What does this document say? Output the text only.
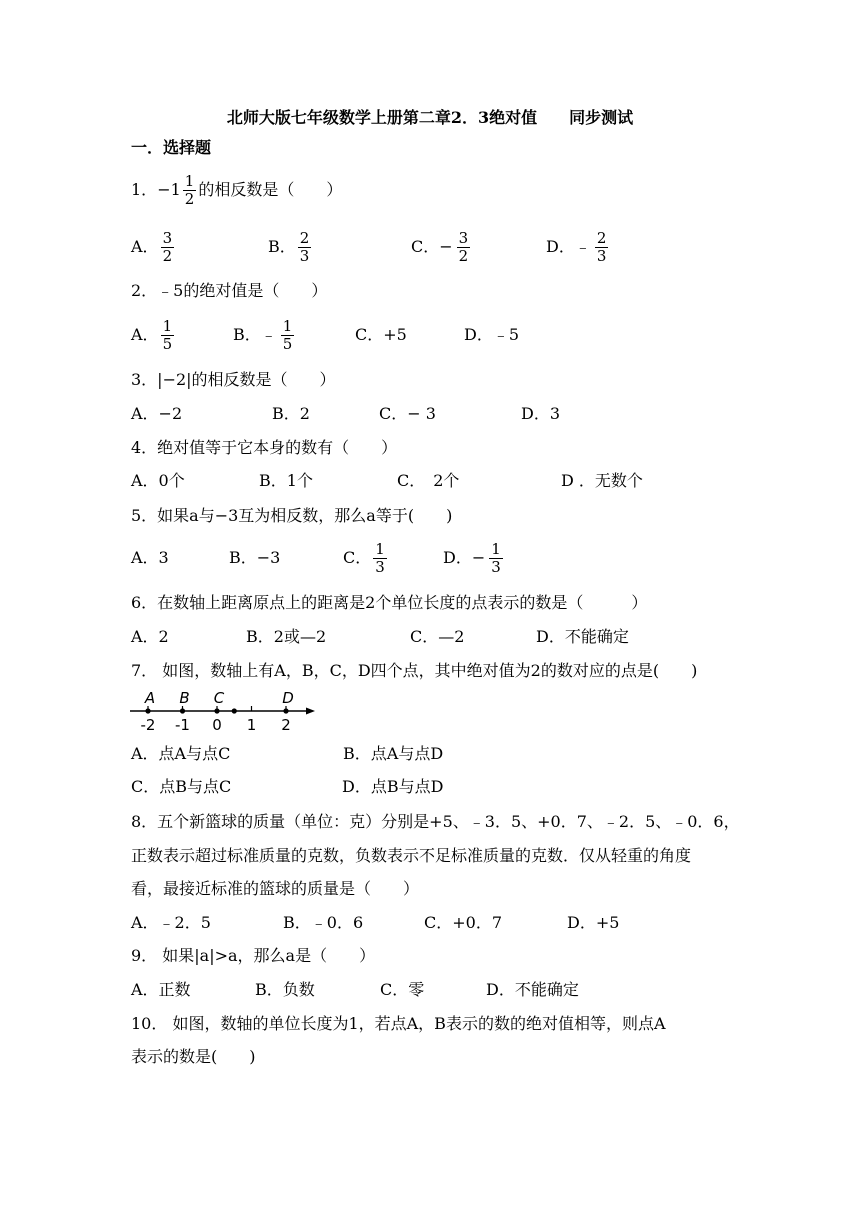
北师大版七年级数学上册第二章2．3绝对值　　同步测试
一．选择题
1． $-1 \frac{1}{2}$ 的相反数是（　　）
A． $\frac{3}{2}$	B． $\frac{2}{3}$	C． − $\frac{3}{2}$	D． ﹣ $\frac{2}{3}$
2．﹣5的绝对值是（　　）
A． $\frac{1}{5}$	B． ﹣ $\frac{1}{5}$	C．+5	D．﹣5
3．|−2|的相反数是（　　）
A．−2	B．2	C．− 3	D．3
4．绝对值等于它本身的数有（　　）
A．0个	B．1个	C．　2个	D ．无数个
5．如果a与−3互为相反数，那么a等于(　　)
A．3	B．−3	C． $\frac{1}{3}$	D． − $\frac{1}{3}$
6．在数轴上距离原点上的距离是2个单位长度的点表示的数是（　　　）
A．2	B．2或—2	C．—2	D．不能确定
7． 如图，数轴上有A，B，C，D四个点，其中绝对值为2的数对应的点是(　　)
A
-2
B
-1
C
0 1
D
2
A．点A与点C	B．点A与点D
C．点B与点C	D．点B与点D
8．五个新篮球的质量（单位：克）分别是+5、﹣3．5、+0．7、﹣2．5、﹣0．6，
正数表示超过标准质量的克数，负数表示不足标准质量的克数．仅从轻重的角度
看，最接近标准的篮球的质量是（　　）
A．﹣2．5	B．﹣0．6	C．+0．7	D．+5
9． 如果|a|>a，那么a是（　　）
A．正数	B．负数	C．零	D．不能确定
10． 如图，数轴的单位长度为1，若点A，B表示的数的绝对值相等，则点A
表示的数是(　　)
